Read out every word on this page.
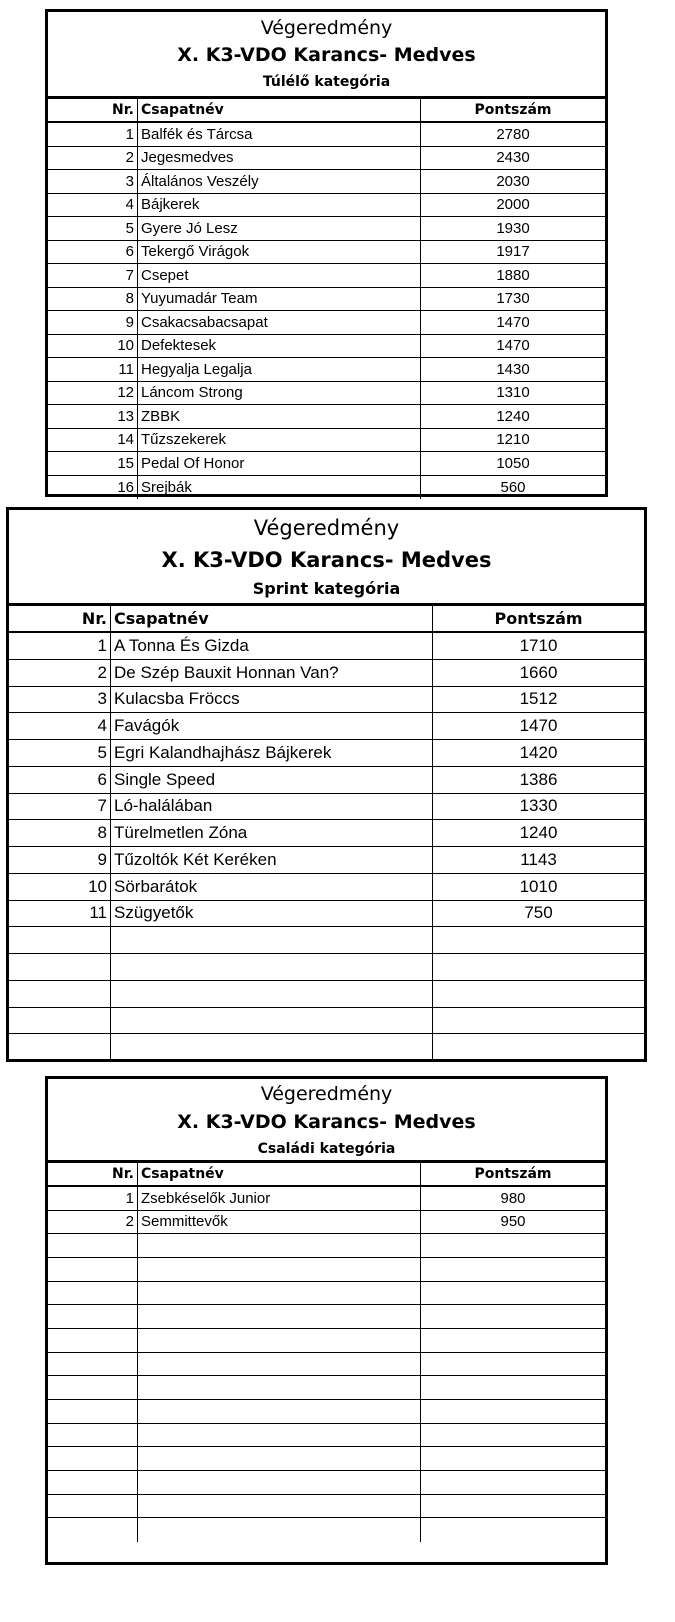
Végeredmény
X. K3-VDO Karancs- Medves
Túlélő kategória
Nr. Csapatnév	Pontszám
1 Balfék és Tárcsa	2780
2 Jegesmedves	2430
3 Általános Veszély	2030
4 Bájkerek	2000
5 Gyere Jó Lesz	1930
6 Tekergő Virágok	1917
7 Csepet	1880
8 Yuyumadár Team	1730
9 Csakacsabacsapat	1470
10 Defektesek	1470
11 Hegyalja Legalja	1430
12 Láncom Strong	1310
13 ZBBK	1240
14 Tűzszekerek	1210
15 Pedal Of Honor	1050
16 Srejbák	560
Végeredmény
X. K3-VDO Karancs- Medves
Sprint kategória
Nr. Csapatnév	Pontszám
1 A Tonna És Gizda	1710
2 De Szép Bauxit Honnan Van?	1660
3 Kulacsba Fröccs	1512
4 Favágók	1470
5 Egri Kalandhajhász Bájkerek	1420
6 Single Speed	1386
7 Ló-halálában	1330
8 Türelmetlen Zóna	1240
9 Tűzoltók Két Keréken	1143
10 Sörbarátok	1010
11 Szügyetők	750
Végeredmény
X. K3-VDO Karancs- Medves
Családi kategória
Nr. Csapatnév	Pontszám
1 Zsebkéselők Junior	980
2 Semmittevők	950
